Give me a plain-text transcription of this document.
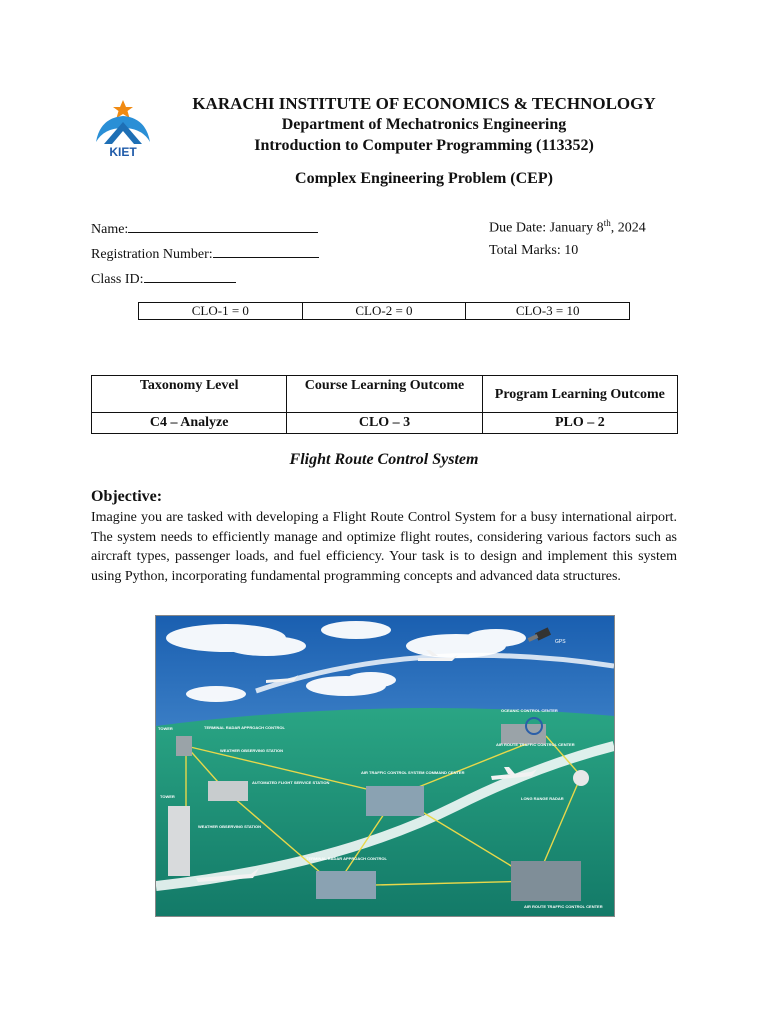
KIET
KARACHI INSTITUTE OF ECONOMICS & TECHNOLOGY
Department of Mechatronics Engineering
Introduction to Computer Programming (113352)
Complex Engineering Problem (CEP)
Name:
Registration Number:
Class ID:
Due Date: January 8th, 2024
Total Marks: 10
CLO-1 = 0	CLO-2 = 0	CLO-3 = 10
Taxonomy Level	Course Learning Outcome	Program Learning Outcome
C4 – Analyze	CLO – 3	PLO – 2
Flight Route Control System
Objective:
Imagine you are tasked with developing a Flight Route Control System for a busy international airport. The system needs to efficiently manage and optimize flight routes, considering various factors such as aircraft types, passenger loads, and fuel efficiency. Your task is to design and implement this system using Python, incorporating fundamental programming concepts and advanced data structures.
GPS
TOWER	TERMINAL RADAR APPROACH CONTROL
WEATHER OBSERVING STATION
AUTOMATED FLIGHT SERVICE STATION
AIR TRAFFIC CONTROL SYSTEM COMMAND CENTER
OCEANIC CONTROL CENTER
AIR ROUTE TRAFFIC CONTROL CENTER
LONG RANGE RADAR
TOWER
WEATHER OBSERVING STATION
TERMINAL RADAR APPROACH CONTROL
AIR ROUTE TRAFFIC CONTROL CENTER
